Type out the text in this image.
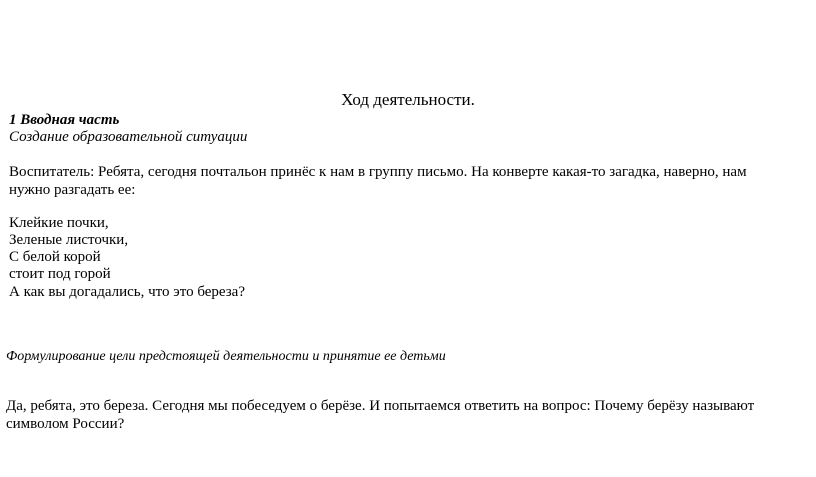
Ход деятельности.
1 Вводная часть
Создание образовательной ситуации
Воспитатель: Ребята, сегодня почтальон принёс к нам в группу письмо. На конверте какая-то загадка, наверно, нам
нужно разгадать ее:
Клейкие почки,
Зеленые листочки,
С белой корой
стоит под горой
А как вы догадались, что это береза?
Формулирование цели предстоящей деятельности и принятие ее детьми
Да, ребята, это береза. Сегодня мы побеседуем о берёзе. И попытаемся ответить на вопрос: Почему берёзу называют
символом России?
